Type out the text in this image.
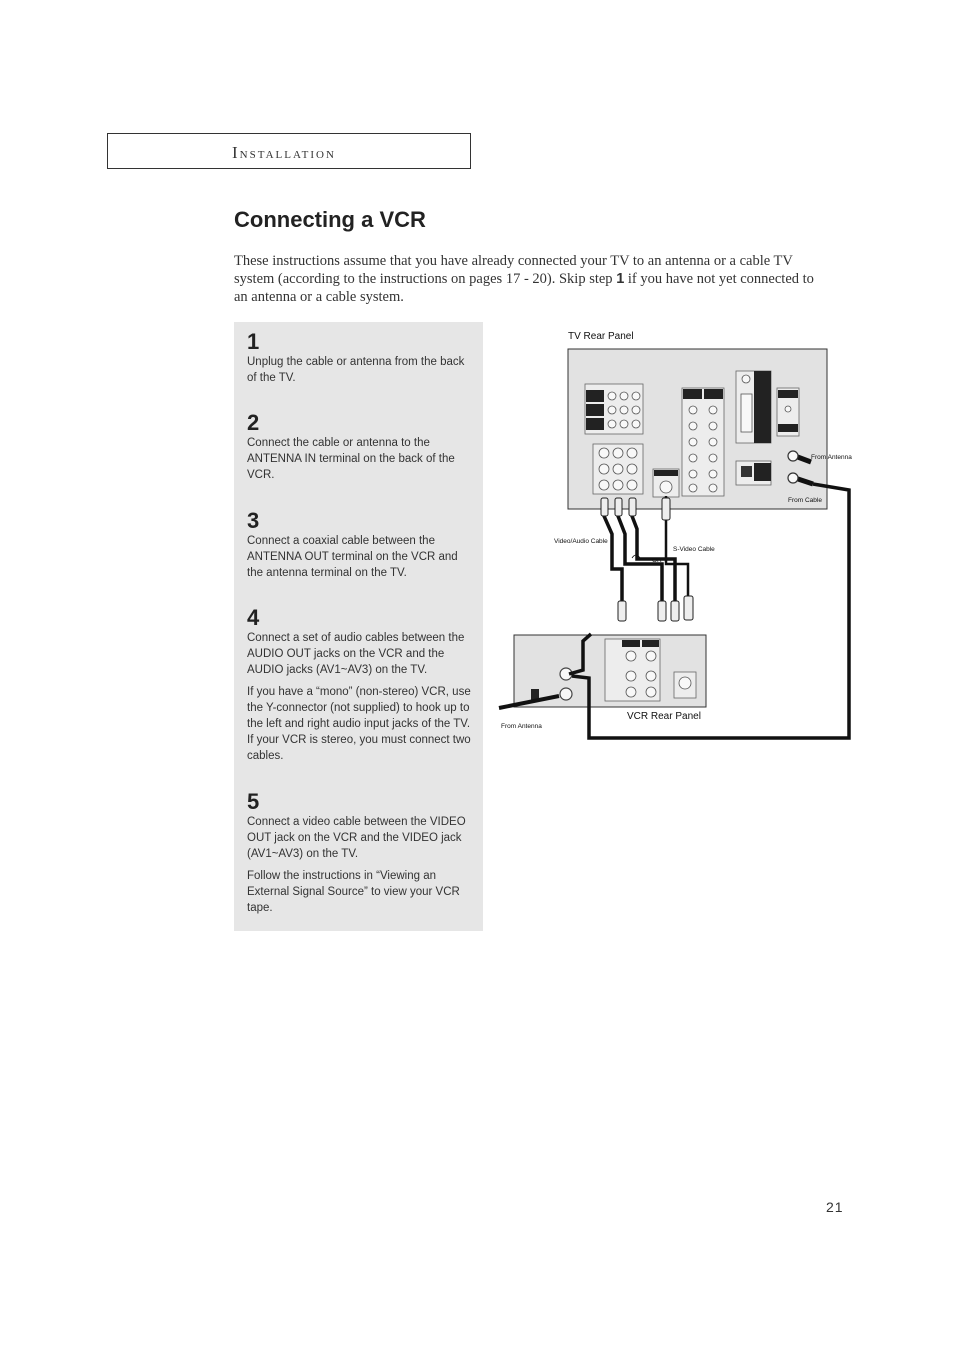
Installation
Connecting a VCR
These instructions assume that you have already connected your TV to an antenna or a cable TV system (according to the instructions on pages 17 - 20). Skip step 1 if you have not yet connected to an antenna or a cable system.
1
Unplug the cable or antenna from the back of the TV.
2
Connect the cable or antenna to the ANTENNA IN terminal on the back of the VCR.
3
Connect a coaxial cable between the ANTENNA OUT terminal on the VCR and the antenna terminal on the TV.
4
Connect a set of audio cables between the AUDIO OUT jacks on the VCR and the AUDIO jacks (AV1~AV3) on the TV.
If you have a “mono” (non-stereo) VCR, use the Y-connector (not supplied) to hook up to the left and right audio input jacks of the TV. If your VCR is stereo, you must connect two cables.
5
Connect a video cable between the VIDEO OUT jack on the VCR and the VIDEO jack (AV1~AV3) on the TV.
Follow the instructions in “Viewing an External Signal Source” to view your VCR tape.
TV Rear Panel
From Antenna
From Cable
Video/Audio Cable
S-Video Cable
OR
VCR Rear Panel
From Antenna
21
